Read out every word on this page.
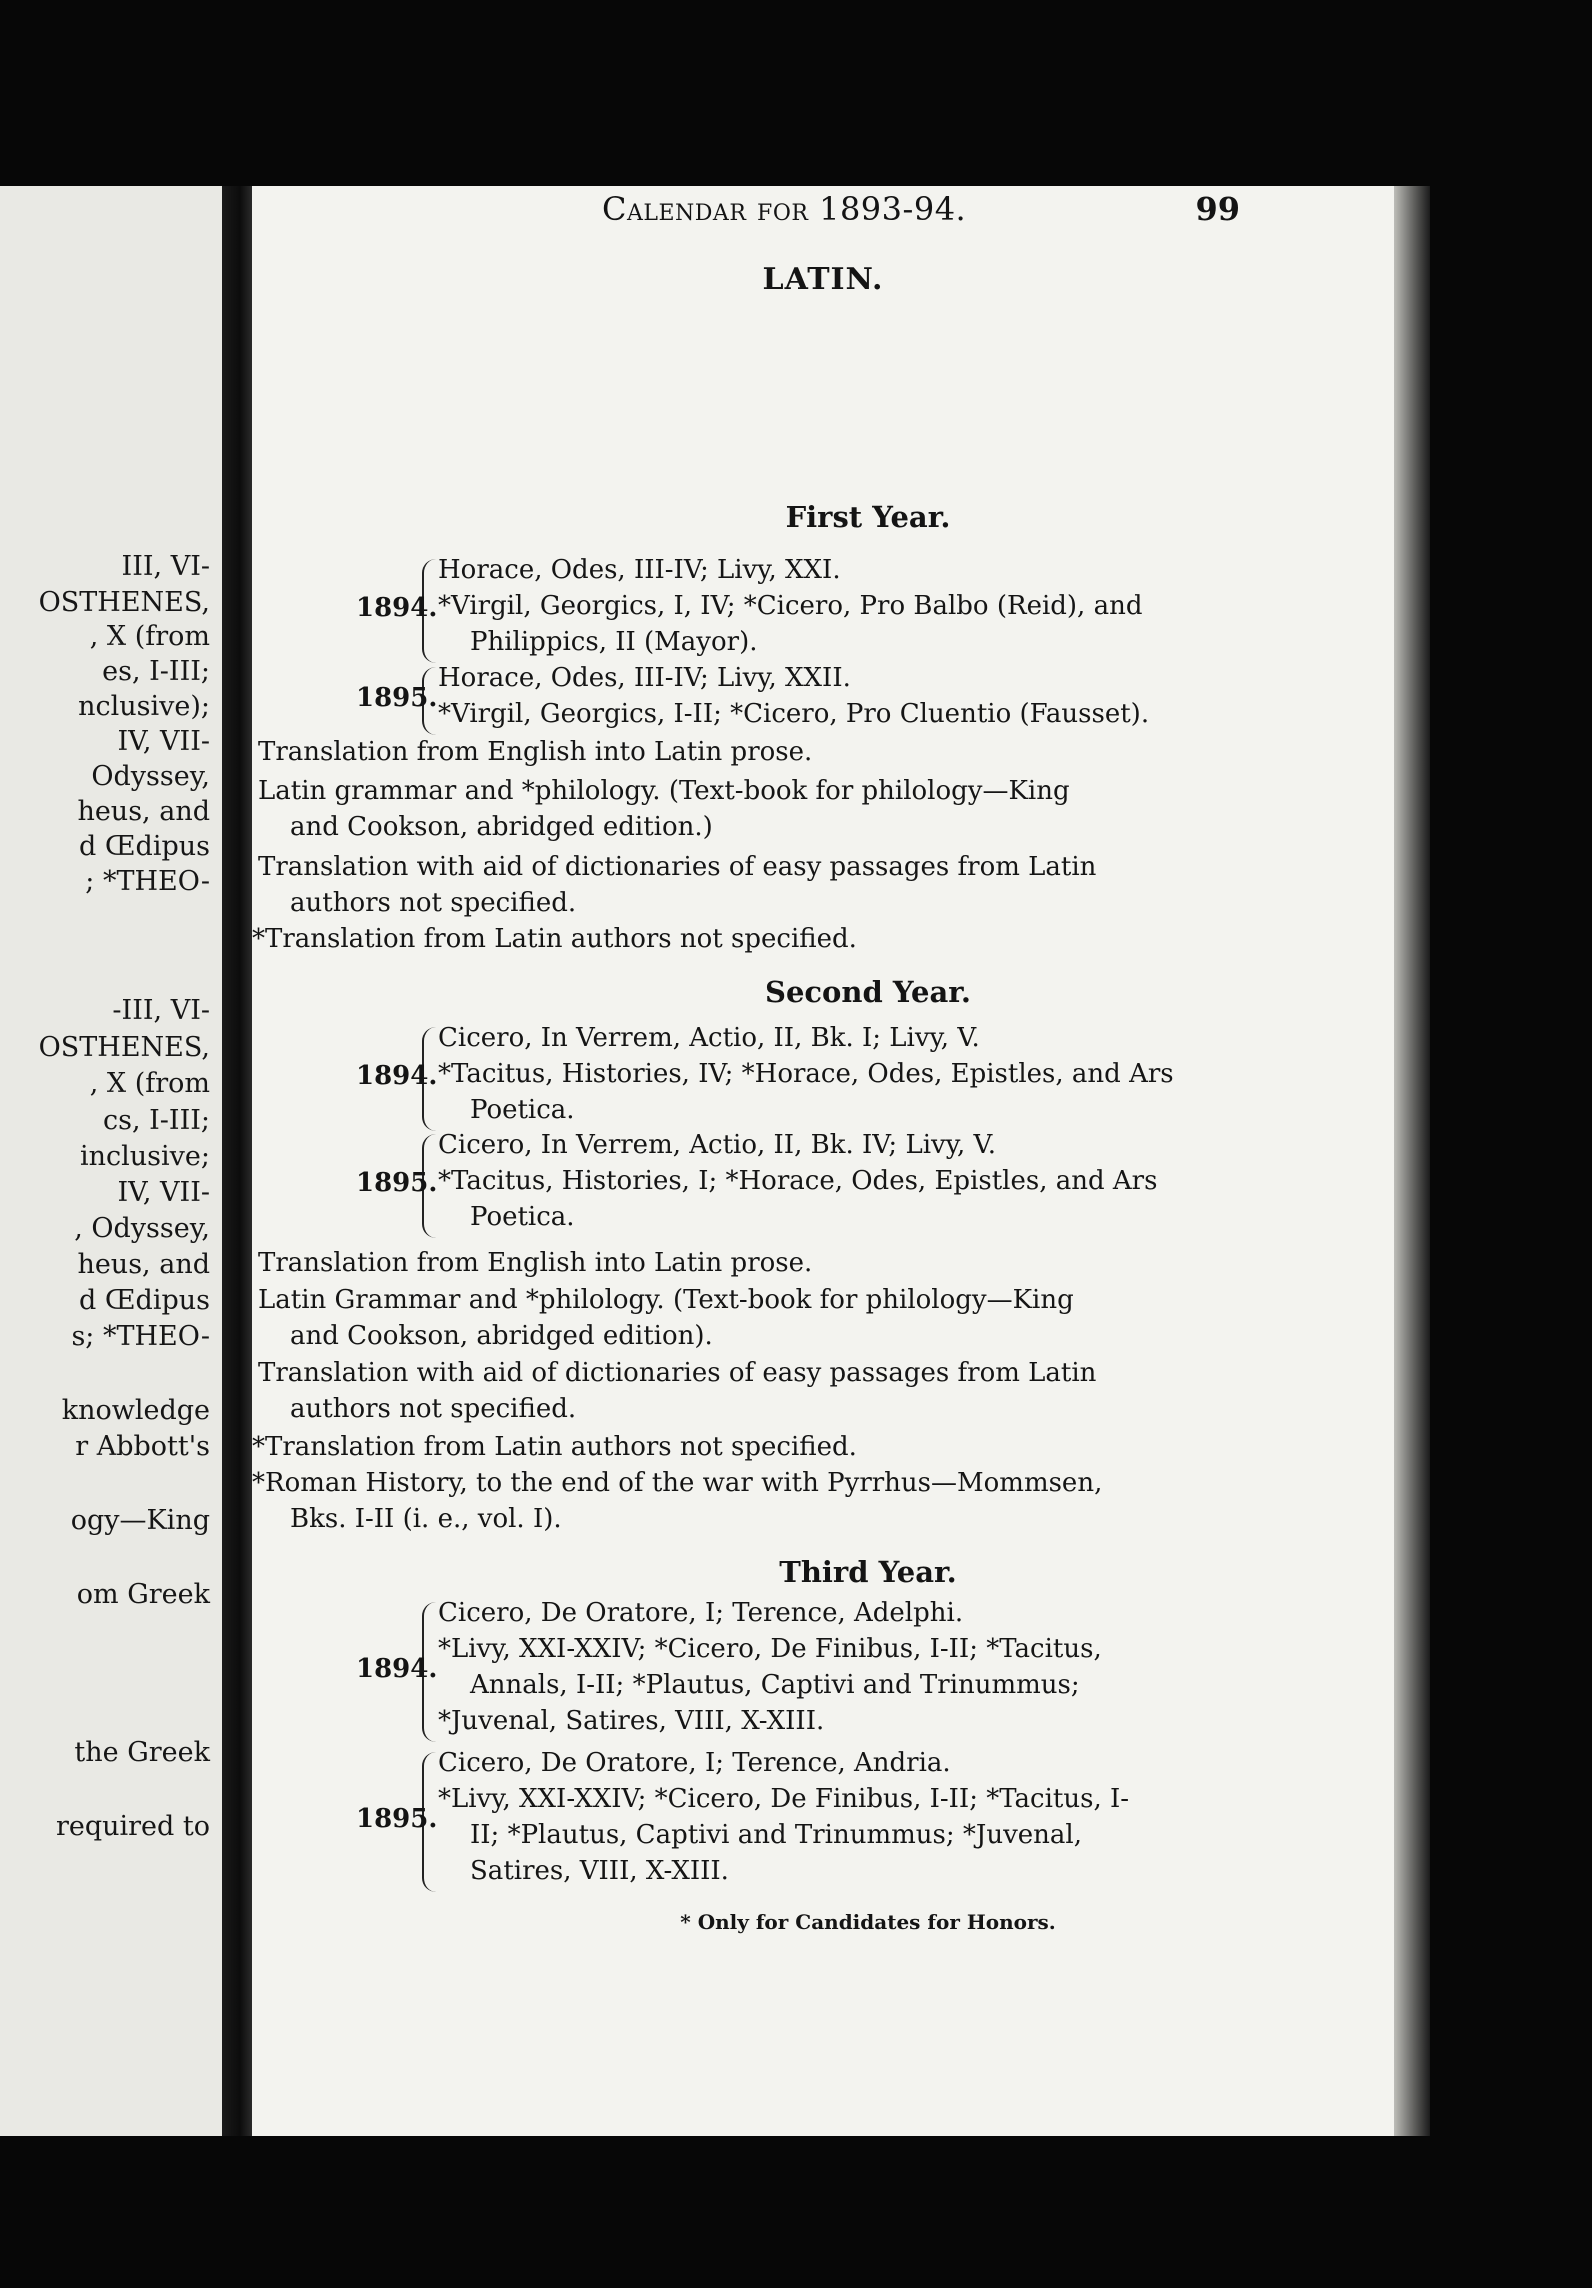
III, VI-
OSTHENES,
, X (from
es, I-III;
nclusive);
IV, VII-
Odyssey,
heus, and
d Œdipus
; *THEO-
-III, VI-
OSTHENES,
, X (from
cs, I-III;
inclusive;
IV, VII-
, Odyssey,
heus, and
d Œdipus
s; *THEO-
knowledge
r Abbott's
ogy—King
om Greek
the Greek
required to
Calendar for 1893-94.	99
LATIN.
First Year.
1894.
Horace, Odes, III-IV; Livy, XXI.
*Virgil, Georgics, I, IV; *Cicero, Pro Balbo (Reid), and
Philippics, II (Mayor).
1895.
Horace, Odes, III-IV; Livy, XXII.
*Virgil, Georgics, I-II; *Cicero, Pro Cluentio (Fausset).
Translation from English into Latin prose.
Latin grammar and *philology. (Text-book for philology—King
and Cookson, abridged edition.)
Translation with aid of dictionaries of easy passages from Latin
authors not specified.
*Translation from Latin authors not specified.
Second Year.
1894.
Cicero, In Verrem, Actio, II, Bk. I; Livy, V.
*Tacitus, Histories, IV; *Horace, Odes, Epistles, and Ars
Poetica.
1895.
Cicero, In Verrem, Actio, II, Bk. IV; Livy, V.
*Tacitus, Histories, I; *Horace, Odes, Epistles, and Ars
Poetica.
Translation from English into Latin prose.
Latin Grammar and *philology. (Text-book for philology—King
and Cookson, abridged edition).
Translation with aid of dictionaries of easy passages from Latin
authors not specified.
*Translation from Latin authors not specified.
*Roman History, to the end of the war with Pyrrhus—Mommsen,
Bks. I-II (i. e., vol. I).
Third Year.
1894.
Cicero, De Oratore, I; Terence, Adelphi.
*Livy, XXI-XXIV; *Cicero, De Finibus, I-II; *Tacitus,
Annals, I-II; *Plautus, Captivi and Trinummus;
*Juvenal, Satires, VIII, X-XIII.
1895.
Cicero, De Oratore, I; Terence, Andria.
*Livy, XXI-XXIV; *Cicero, De Finibus, I-II; *Tacitus, I-
II; *Plautus, Captivi and Trinummus; *Juvenal,
Satires, VIII, X-XIII.
* Only for Candidates for Honors.
